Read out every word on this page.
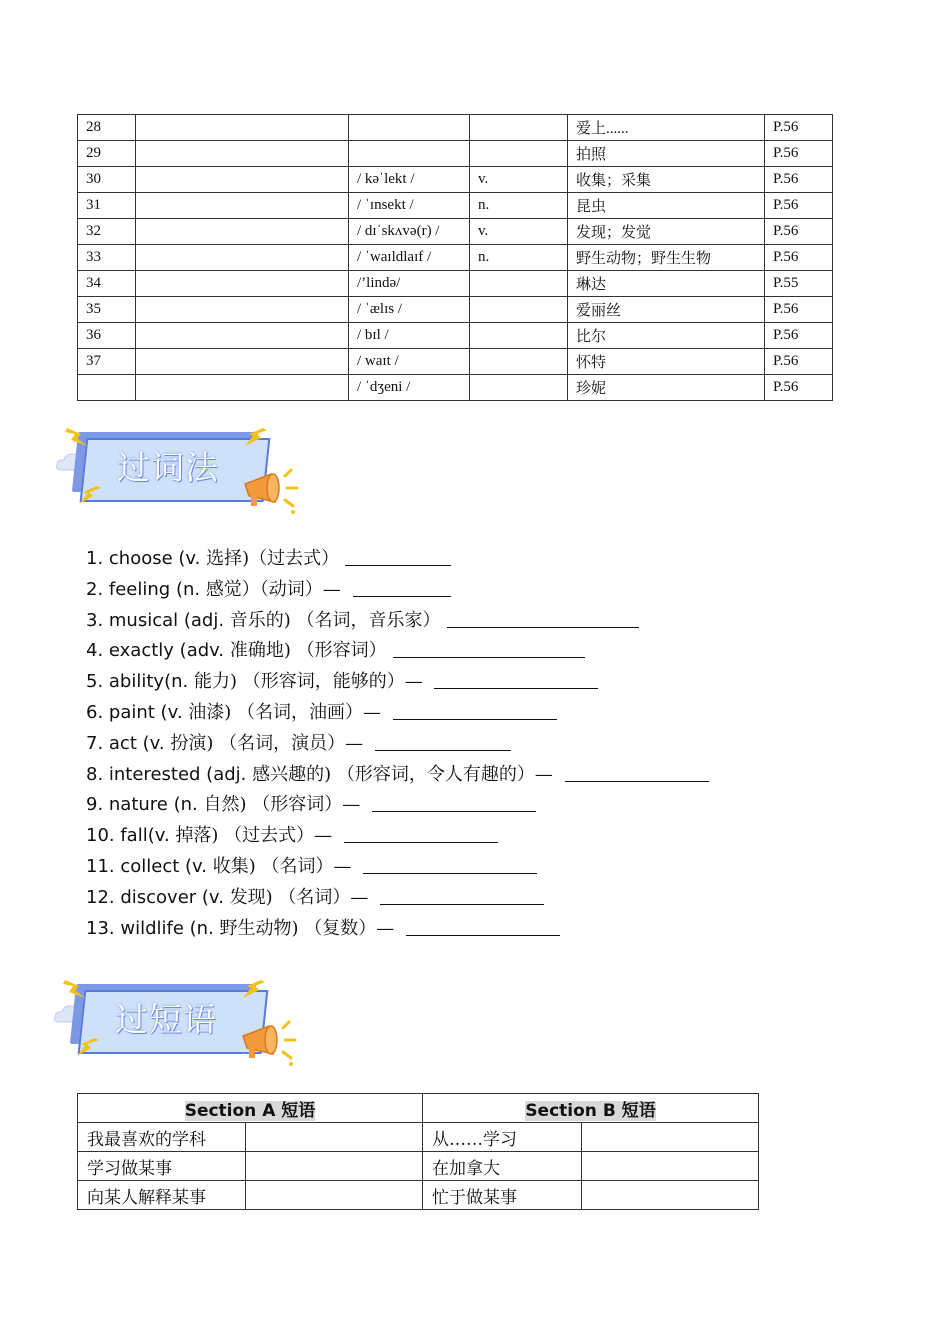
28				爱上......	P.56
29				拍照	P.56
30		/ kəˈlekt /	v.	收集；采集	P.56
31		/ ˈɪnsekt /	n.	昆虫	P.56
32		/ dɪˈskʌvə(r) /	v.	发现；发觉	P.56
33		/ ˈwaɪldlaɪf /	n.	野生动物；野生生物	P.56
34		/’lində/		琳达	P.55
35		/ ˈælɪs /		爱丽丝	P.56
36		/ bɪl /		比尔	P.56
37		/ waɪt /		怀特	P.56
		/ ˈdʒeni /		珍妮	P.56
过词法
1. choose (v. 选择)（过去式）
2. feeling (n. 感觉）（动词）—
3. musical (adj. 音乐的) （名词，音乐家）
4. exactly (adv. 准确地) （形容词）
5. ability(n. 能力) （形容词，能够的）—
6. paint (v. 油漆) （名词，油画）—
7. act (v. 扮演) （名词，演员）—
8. interested (adj. 感兴趣的) （形容词，令人有趣的）—
9. nature (n. 自然) （形容词）—
10. fall(v. 掉落) （过去式）—
11. collect (v. 收集) （名词）—
12. discover (v. 发现) （名词）—
13. wildlife (n. 野生动物) （复数）—
过短语
Section A 短语		Section B 短语	
我最喜欢的学科		从……学习	
学习做某事		在加拿大	
向某人解释某事		忙于做某事	
